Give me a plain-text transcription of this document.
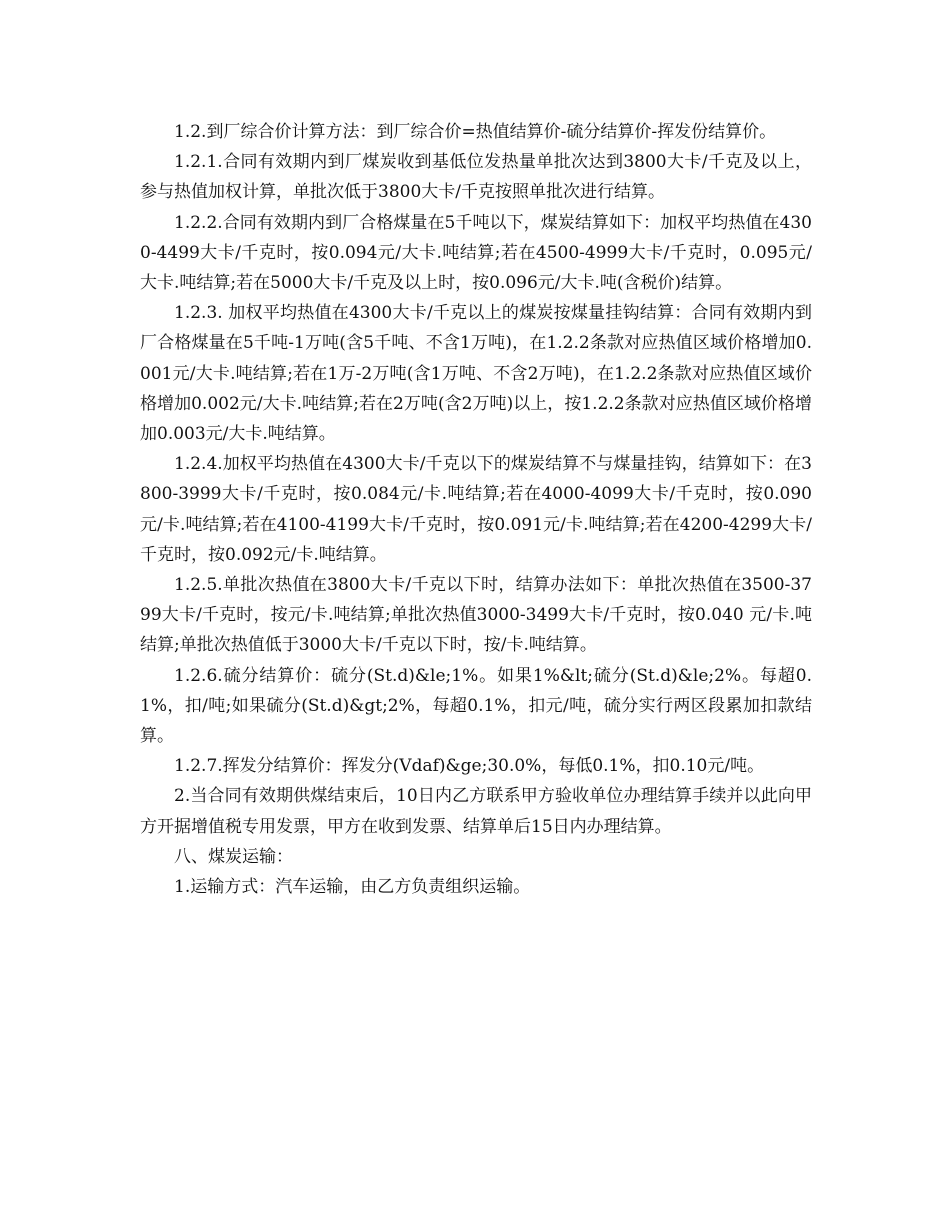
1.2.到厂综合价计算方法：到厂综合价=热值结算价-硫分结算价-挥发份结算价。

1.2.1.合同有效期内到厂煤炭收到基低位发热量单批次达到3800大卡/千克及以上，参与热值加权计算，单批次低于3800大卡/千克按照单批次进行结算。

1.2.2.合同有效期内到厂合格煤量在5千吨以下，煤炭结算如下：加权平均热值在4300-4499大卡/千克时，按0.094元/大卡.吨结算;若在4500-4999大卡/千克时，0.095元/大卡.吨结算;若在5000大卡/千克及以上时，按0.096元/大卡.吨(含税价)结算。

1.2.3. 加权平均热值在4300大卡/千克以上的煤炭按煤量挂钩结算：合同有效期内到厂合格煤量在5千吨-1万吨(含5千吨、不含1万吨)，在1.2.2条款对应热值区域价格增加0.001元/大卡.吨结算;若在1万-2万吨(含1万吨、不含2万吨)，在1.2.2条款对应热值区域价格增加0.002元/大卡.吨结算;若在2万吨(含2万吨)以上，按1.2.2条款对应热值区域价格增加0.003元/大卡.吨结算。

1.2.4.加权平均热值在4300大卡/千克以下的煤炭结算不与煤量挂钩，结算如下：在3800-3999大卡/千克时，按0.084元/卡.吨结算;若在4000-4099大卡/千克时，按0.090元/卡.吨结算;若在4100-4199大卡/千克时，按0.091元/卡.吨结算;若在4200-4299大卡/千克时，按0.092元/卡.吨结算。

1.2.5.单批次热值在3800大卡/千克以下时，结算办法如下：单批次热值在3500-3799大卡/千克时，按元/卡.吨结算;单批次热值3000-3499大卡/千克时，按0.040 元/卡.吨结算;单批次热值低于3000大卡/千克以下时，按/卡.吨结算。

1.2.6.硫分结算价：硫分(St.d)&le;1%。如果1%&lt;硫分(St.d)&le;2%。每超0.1%，扣/吨;如果硫分(St.d)&gt;2%，每超0.1%，扣元/吨，硫分实行两区段累加扣款结算。

1.2.7.挥发分结算价：挥发分(Vdaf)&ge;30.0%，每低0.1%，扣0.10元/吨。

2.当合同有效期供煤结束后，10日内乙方联系甲方验收单位办理结算手续并以此向甲方开据增值税专用发票，甲方在收到发票、结算单后15日内办理结算。

八、煤炭运输：

1.运输方式：汽车运输，由乙方负责组织运输。
